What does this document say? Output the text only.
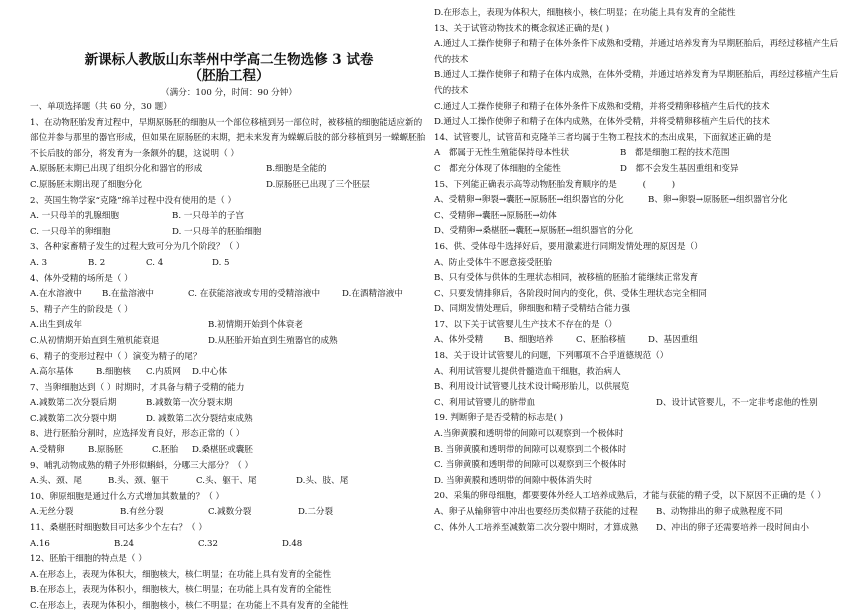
新课标人教版山东莘州中学高二生物选修 3 试卷
（胚胎工程）
（满分：100 分，时间：90 分钟）
一、单项选择题（共 60 分，30 题）
1、在动物胚胎发育过程中，早期原肠胚的细胞从一个部位移植到另一部位时，被移植的细胞能适应新的部位并参与那里的器官形成，但如果在原肠胚的末期，把未来发育为蝾螈后肢的部分移植到另一蝾螈胚胎不长后肢的部分，将发育为一条额外的腿，这说明（ ）
A.原肠胚末期已出现了组织分化和器官的形成	B.细胞是全能的
C.原肠胚末期出现了细胞分化	D.原肠胚已出现了三个胚层
2、英国生物学家“克隆”绵羊过程中没有使用的是（ ）
A. 一只母羊的乳腺细胞	B. 一只母羊的子宫
C. 一只母羊的卵细胞	D. 一只母羊的胚胎细胞
3、各种家畜精子发生的过程大致可分为几个阶段？（ ）
A. 3	B. 2	C. 4	D. 5
4、体外受精的场所是（ ）
A.在水溶液中	B.在盐溶液中	C. 在获能溶液或专用的受精溶液中	D.在酒精溶液中
5、精子产生的阶段是（ ）
A.出生到成年	B.初情期开始到个体衰老
C.从初情期开始直到生殖机能衰退	D.从胚胎开始直到生殖器官的成熟
6、精子的变形过程中（ ）演变为精子的尾？
A.高尔基体	B.细胞核	C.内质网	D.中心体
7、当卵细胞达到（ ）时期时，才具备与精子受精的能力
A.减数第二次分裂后期	B.减数第一次分裂末期
C.减数第二次分裂中期	D. 减数第二次分裂结束成熟
8、进行胚胎分割时，应选择发育良好，形态正常的（ ）
A.受精卵	B.原肠胚	C.胚胎	D.桑椹胚或囊胚
9、哺乳动物成熟的精子外形似蝌蚪，分哪三大部分？（ ）
A.头、颈、尾	B.头、颈、躯干	C.头、躯干、尾	D.头、肢、尾
10、卵原细胞是通过什么方式增加其数量的？（ ）
A.无丝分裂	B.有丝分裂	C.减数分裂	D.二分裂
11、桑椹胚时细胞数目可达多少个左右？（ ）
A.16	B.24	C.32	D.48
12、胚胎干细胞的特点是（ ）
A.在形态上，表现为体积大，细胞核大，核仁明显；在功能上具有发育的全能性
B.在形态上，表现为体积小，细胞核大，核仁明显；在功能上具有发育的全能性
C.在形态上，表现为体积小，细胞核小，核仁不明显；在功能上不具有发育的全能性
D.在形态上，表现为体积大，细胞核小，核仁明显；在功能上具有发育的全能性
13、关于试管动物技术的概念叙述正确的是( )
A.通过人工操作使卵子和精子在体外条件下成熟和受精，并通过培养发育为早期胚胎后，再经过移植产生后代的技术
B.通过人工操作使卵子和精子在体内成熟，在体外受精，并通过培养发育为早期胚胎后，再经过移植产生后代的技术
C.通过人工操作使卵子和精子在体外条件下成熟和受精，并将受精卵移植产生后代的技术
D.通过人工操作使卵子和精子在体内成熟，在体外受精，并将受精卵移植产生后代的技术
14、试管婴儿，试管苗和克隆羊三者均属于生物工程技术的杰出成果，下面叙述正确的是
A　都属于无性生殖能保持母本性状	B　都是细胞工程的技术范围
C　都充分体现了体细胞的全能性	D　都不会发生基因重组和变异
15、下列能正确表示高等动物胚胎发育顺序的是　　　(　　　)
A、受精卵→卵裂→囊胚→原肠胚→组织器官的分化	B、卵→卵裂→原肠胚→组织器官分化
C、受精卵→囊胚→原肠胚→幼体
D、受精卵→桑椹胚→囊胚→原肠胚→组织器官的分化
16、供、受体母牛选择好后，要用激素进行同期发情处理的原因是（）
A、防止受体牛不愿意接受胚胎
B、只有受体与供体的生理状态相同，被移植的胚胎才能继续正常发育
C、只要发情排卵后，各阶段时间内的变化，供、受体生理状态完全相同
D、同期发情处理后，卵细胞和精子受精结合能力强
17、以下关于试管婴儿生产技术不存在的是（）
A、体外受精	B、细胞培养	C、胚胎移植	D、基因重组
18、关于设计试管婴儿的问题，下列哪项不合乎道德规范（）
A、利用试管婴儿提供骨髓造血干细胞，救治病人
B、利用设计试管婴儿技术设计畸形胎儿，以供展览
C、利用试管婴儿的脐带血	D、设计试管婴儿，不一定非考虑他的性别
19. 判断卵子是否受精的标志是( )
A.当卵黄膜和透明带的间隙可以观察到一个极体时
B. 当卵黄膜和透明带的间隙可以观察到二个极体时
C. 当卵黄膜和透明带的间隙可以观察到三个极体时
D. 当卵黄膜和透明带的间隙中极体消失时
20、采集的卵母细胞，都要要体外经人工培养成熟后，才能与获能的精子受，以下原因不正确的是（ ）
A、卵子从输卵管中冲出也要经历类似精子获能的过程	B、动物排出的卵子成熟程度不同
C、体外人工培养至减数第二次分裂中期时，才算成熟	D、冲出的卵子还需要培养一段时间由小
